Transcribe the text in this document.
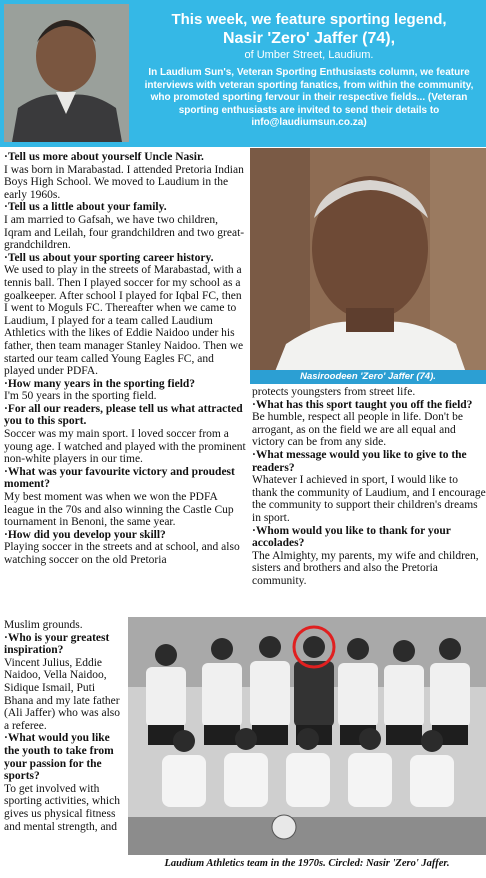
This week, we feature sporting legend,
Nasir 'Zero' Jaffer (74),
of Umber Street, Laudium.
In Laudium Sun's, Veteran Sporting Enthusiasts column, we feature interviews with veteran sporting fanatics, from within the community, who promoted sporting fervour in their respective fields... (Veteran sporting enthusiasts are invited to send their details to info@laudiumsun.co.za)

·Tell us more about yourself Uncle Nasir.

I was born in Marabastad. I attended Pretoria Indian Boys High School. We moved to Laudium in the early 1960s.

·Tell us a little about your family.

I am married to Gafsah, we have two children, Iqram and Leilah, four grandchildren and two great-grandchildren.

·Tell us about your sporting career history.

We used to play in the streets of Marabastad, with a tennis ball. Then I played soccer for my school as a goalkeeper. After school I played for Iqbal FC, then I went to Moguls FC. Thereafter when we came to Laudium, I played for a team called Laudium Athletics with the likes of Eddie Naidoo under his father, then team manager Stanley Naidoo. Then we started our team called Young Eagles FC, and played under PDFA.

·How many years in the sporting field?

I'm 50 years in the sporting field.

·For all our readers, please tell us what attracted you to this sport.

Soccer was my main sport. I loved soccer from a young age. I watched and played with the prominent non-white players in our time.

·What was your favourite victory and proudest moment?

My best moment was when we won the PDFA league in the 70s and also winning the Castle Cup tournament in Benoni, the same year.

·How did you develop your skill?

Playing soccer in the streets and at school, and also watching soccer on the old Pretoria

Nasiroodeen 'Zero' Jaffer (74).

protects youngsters from street life.

·What has this sport taught you off the field?

Be humble, respect all people in life. Don't be arrogant, as on the field we are all equal and victory can be from any side.

·What message would you like to give to the readers?

Whatever I achieved in sport, I would like to thank the community of Laudium, and I encourage the community to support their children's dreams in sport.

·Whom would you like to thank for your accolades?

The Almighty, my parents, my wife and children, sisters and brothers and also the Pretoria community.

Muslim grounds.

·Who is your greatest inspiration?

Vincent Julius, Eddie Naidoo, Vella Naidoo, Sidique Ismail, Puti Bhana and my late father (Ali Jaffer) who was also a referee.

·What would you like the youth to take from your passion for the sports?

To get involved with sporting activities, which gives us physical fitness and mental strength, and

Laudium Athletics team in the 1970s. Circled: Nasir 'Zero' Jaffer.
